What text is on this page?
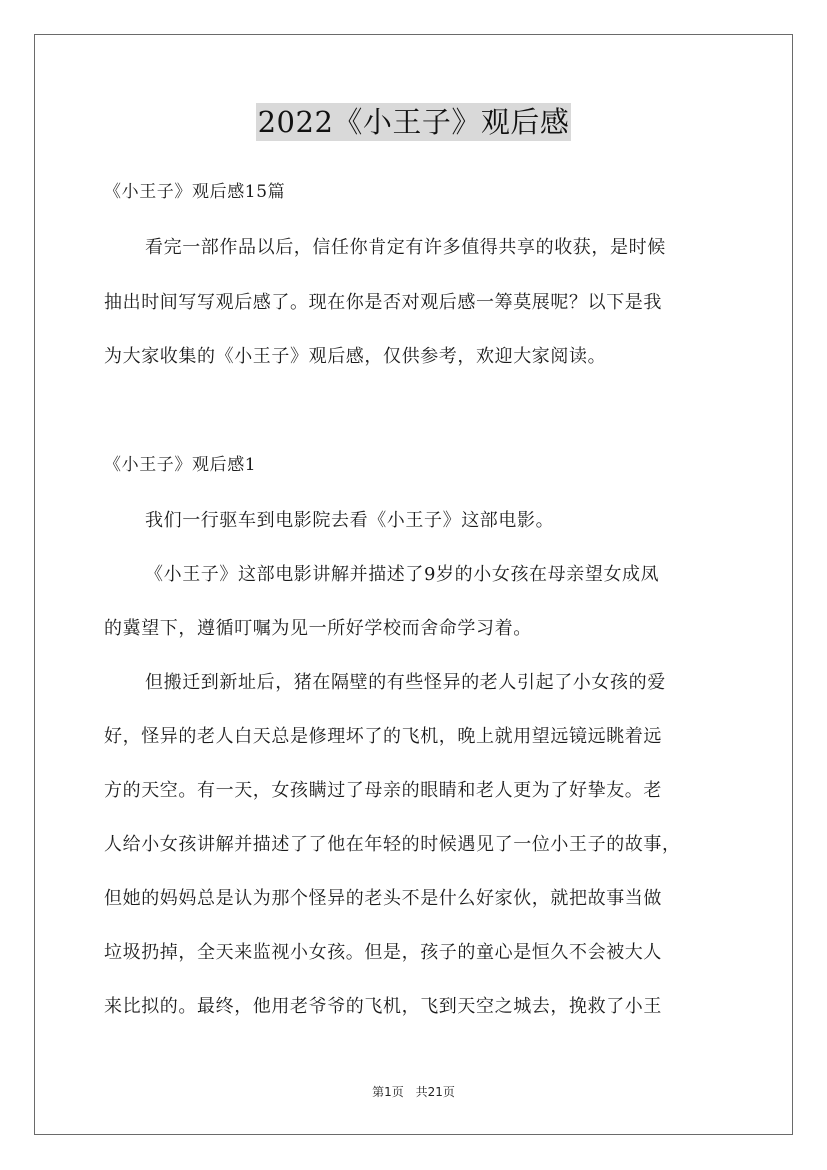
2022《小王子》观后感
《小王子》观后感15篇
看完一部作品以后，信任你肯定有许多值得共享的收获，是时候
抽出时间写写观后感了。现在你是否对观后感一筹莫展呢？以下是我
为大家收集的《小王子》观后感，仅供参考，欢迎大家阅读。
《小王子》观后感1
我们一行驱车到电影院去看《小王子》这部电影。
《小王子》这部电影讲解并描述了9岁的小女孩在母亲望女成凤
的冀望下，遵循叮嘱为见一所好学校而舍命学习着。
但搬迁到新址后，猪在隔壁的有些怪异的老人引起了小女孩的爱
好，怪异的老人白天总是修理坏了的飞机，晚上就用望远镜远眺着远
方的天空。有一天，女孩瞒过了母亲的眼睛和老人更为了好挚友。老
人给小女孩讲解并描述了了他在年轻的时候遇见了一位小王子的故事，
但她的妈妈总是认为那个怪异的老头不是什么好家伙，就把故事当做
垃圾扔掉，全天来监视小女孩。但是，孩子的童心是恒久不会被大人
来比拟的。最终，他用老爷爷的飞机，飞到天空之城去，挽救了小王
第1页 共21页
